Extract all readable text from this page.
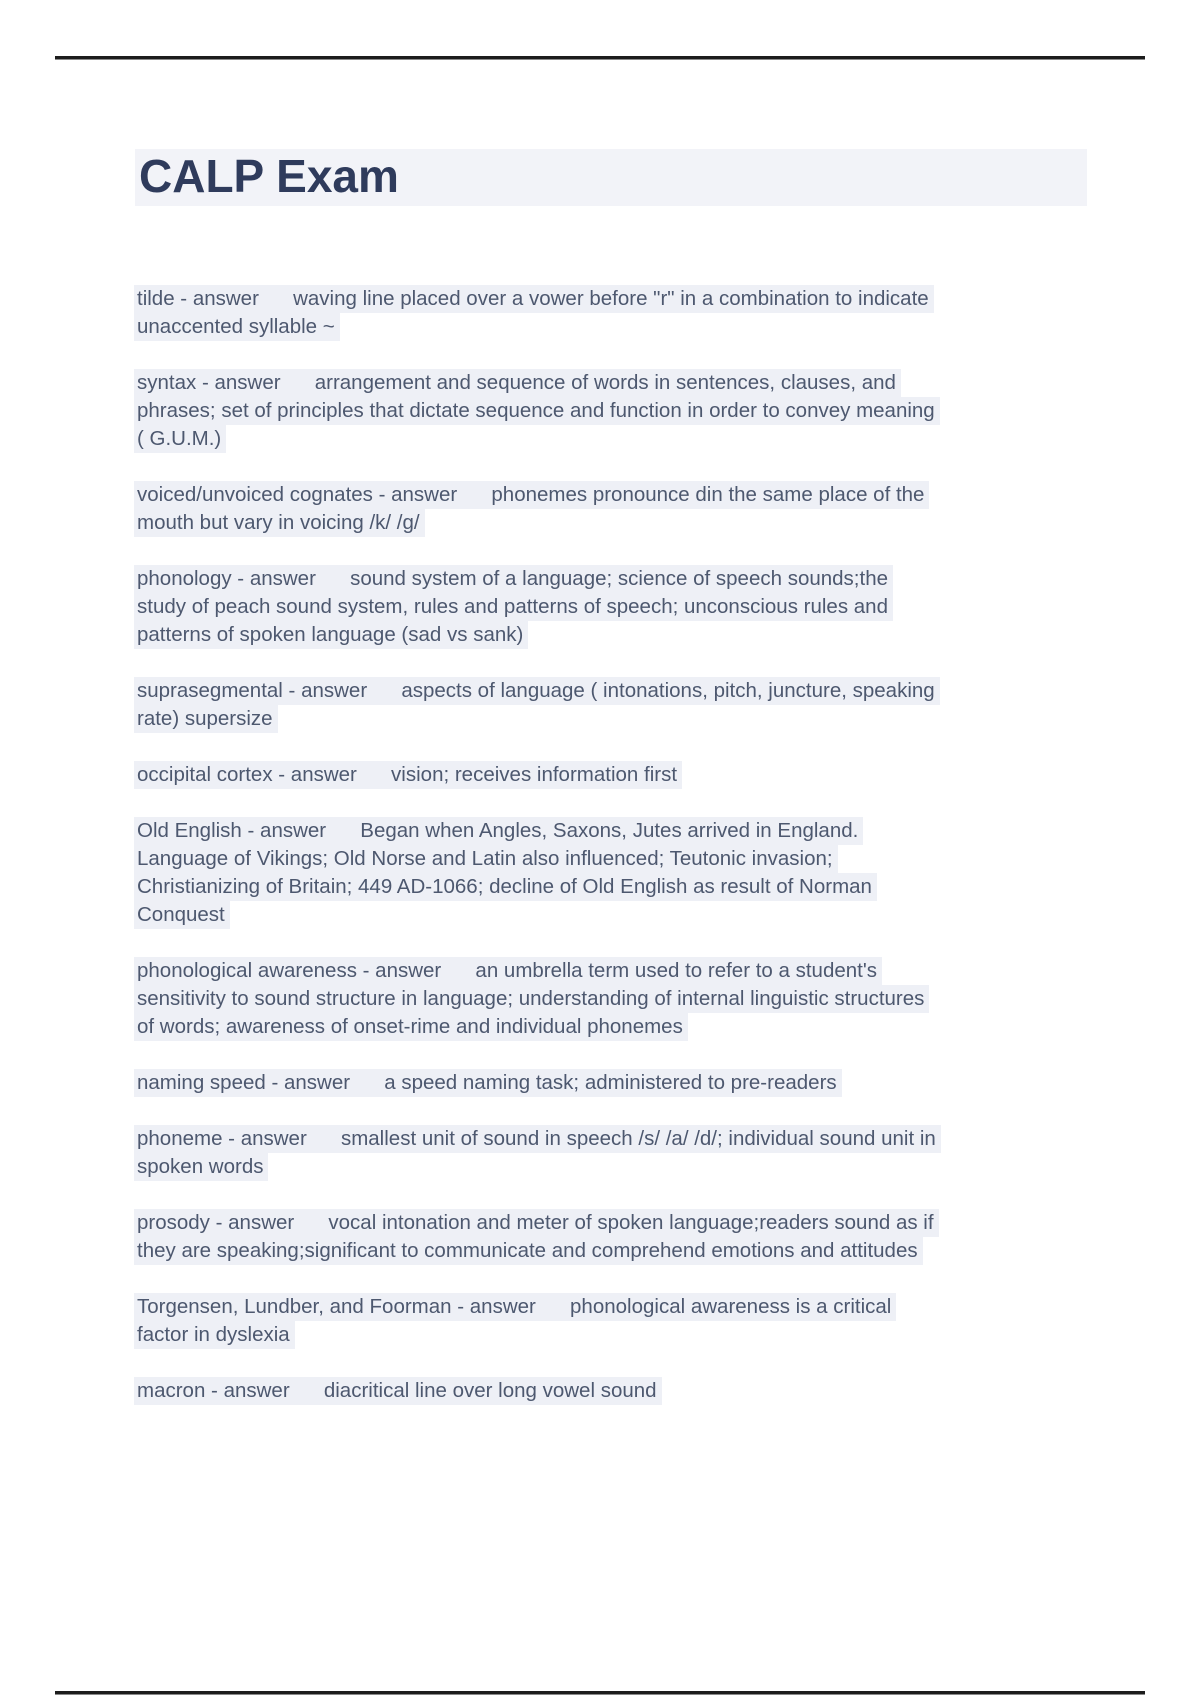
CALP Exam
tilde - answer      waving line placed over a vower before "r" in a combination to indicate
unaccented syllable ~
syntax - answer      arrangement and sequence of words in sentences, clauses, and
phrases; set of principles that dictate sequence and function in order to convey meaning
( G.U.M.)
voiced/unvoiced cognates - answer      phonemes pronounce din the same place of the
mouth but vary in voicing /k/ /g/
phonology - answer      sound system of a language; science of speech sounds;the
study of peach sound system, rules and patterns of speech; unconscious rules and
patterns of spoken language (sad vs sank)
suprasegmental - answer      aspects of language ( intonations, pitch, juncture, speaking
rate) supersize
occipital cortex - answer      vision; receives information first
Old English - answer      Began when Angles, Saxons, Jutes arrived in England.
Language of Vikings; Old Norse and Latin also influenced; Teutonic invasion;
Christianizing of Britain; 449 AD-1066; decline of Old English as result of Norman
Conquest
phonological awareness - answer      an umbrella term used to refer to a student's
sensitivity to sound structure in language; understanding of internal linguistic structures
of words; awareness of onset-rime and individual phonemes
naming speed - answer      a speed naming task; administered to pre-readers
phoneme - answer      smallest unit of sound in speech /s/ /a/ /d/; individual sound unit in
spoken words
prosody - answer      vocal intonation and meter of spoken language;readers sound as if
they are speaking;significant to communicate and comprehend emotions and attitudes
Torgensen, Lundber, and Foorman - answer      phonological awareness is a critical
factor in dyslexia
macron - answer      diacritical line over long vowel sound
